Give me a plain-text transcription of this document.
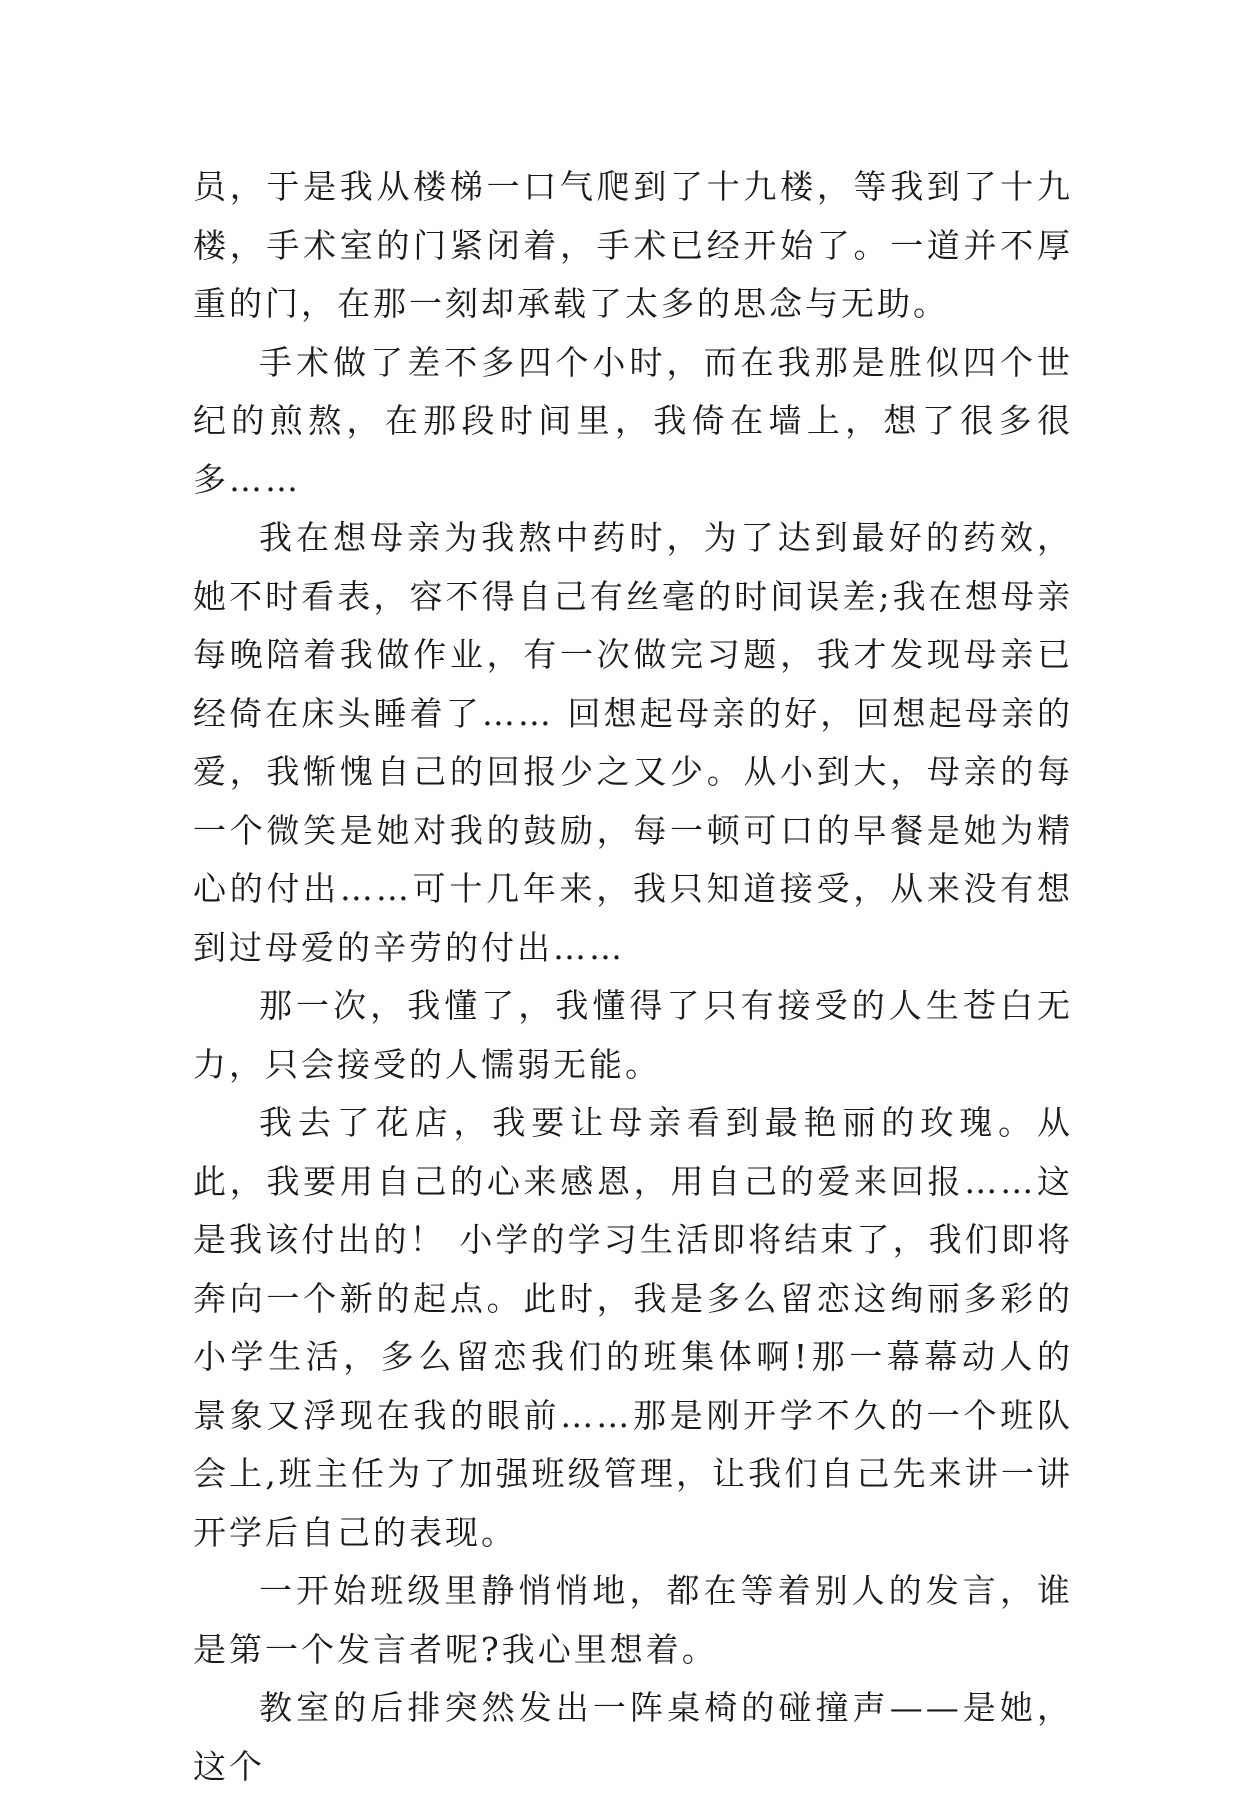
员，于是我从楼梯一口气爬到了十九楼，等我到了十九楼，手术室的门紧闭着，手术已经开始了。一道并不厚重的门，在那一刻却承载了太多的思念与无助。

手术做了差不多四个小时，而在我那是胜似四个世纪的煎熬，在那段时间里，我倚在墙上，想了很多很多……

我在想母亲为我熬中药时，为了达到最好的药效，她不时看表，容不得自己有丝毫的时间误差;我在想母亲每晚陪着我做作业，有一次做完习题，我才发现母亲已经倚在床头睡着了…… 回想起母亲的好，回想起母亲的爱，我惭愧自己的回报少之又少。从小到大，母亲的每一个微笑是她对我的鼓励，每一顿可口的早餐是她为精心的付出……可十几年来，我只知道接受，从来没有想到过母爱的辛劳的付出……

那一次，我懂了，我懂得了只有接受的人生苍白无力，只会接受的人懦弱无能。

我去了花店，我要让母亲看到最艳丽的玫瑰。从此，我要用自己的心来感恩，用自己的爱来回报……这是我该付出的！ 小学的学习生活即将结束了，我们即将奔向一个新的起点。此时，我是多么留恋这绚丽多彩的小学生活，多么留恋我们的班集体啊!那一幕幕动人的景象又浮现在我的眼前……那是刚开学不久的一个班队会上,班主任为了加强班级管理，让我们自己先来讲一讲开学后自己的表现。

一开始班级里静悄悄地，都在等着别人的发言，谁是第一个发言者呢?我心里想着。

教室的后排突然发出一阵桌椅的碰撞声——是她，这个
